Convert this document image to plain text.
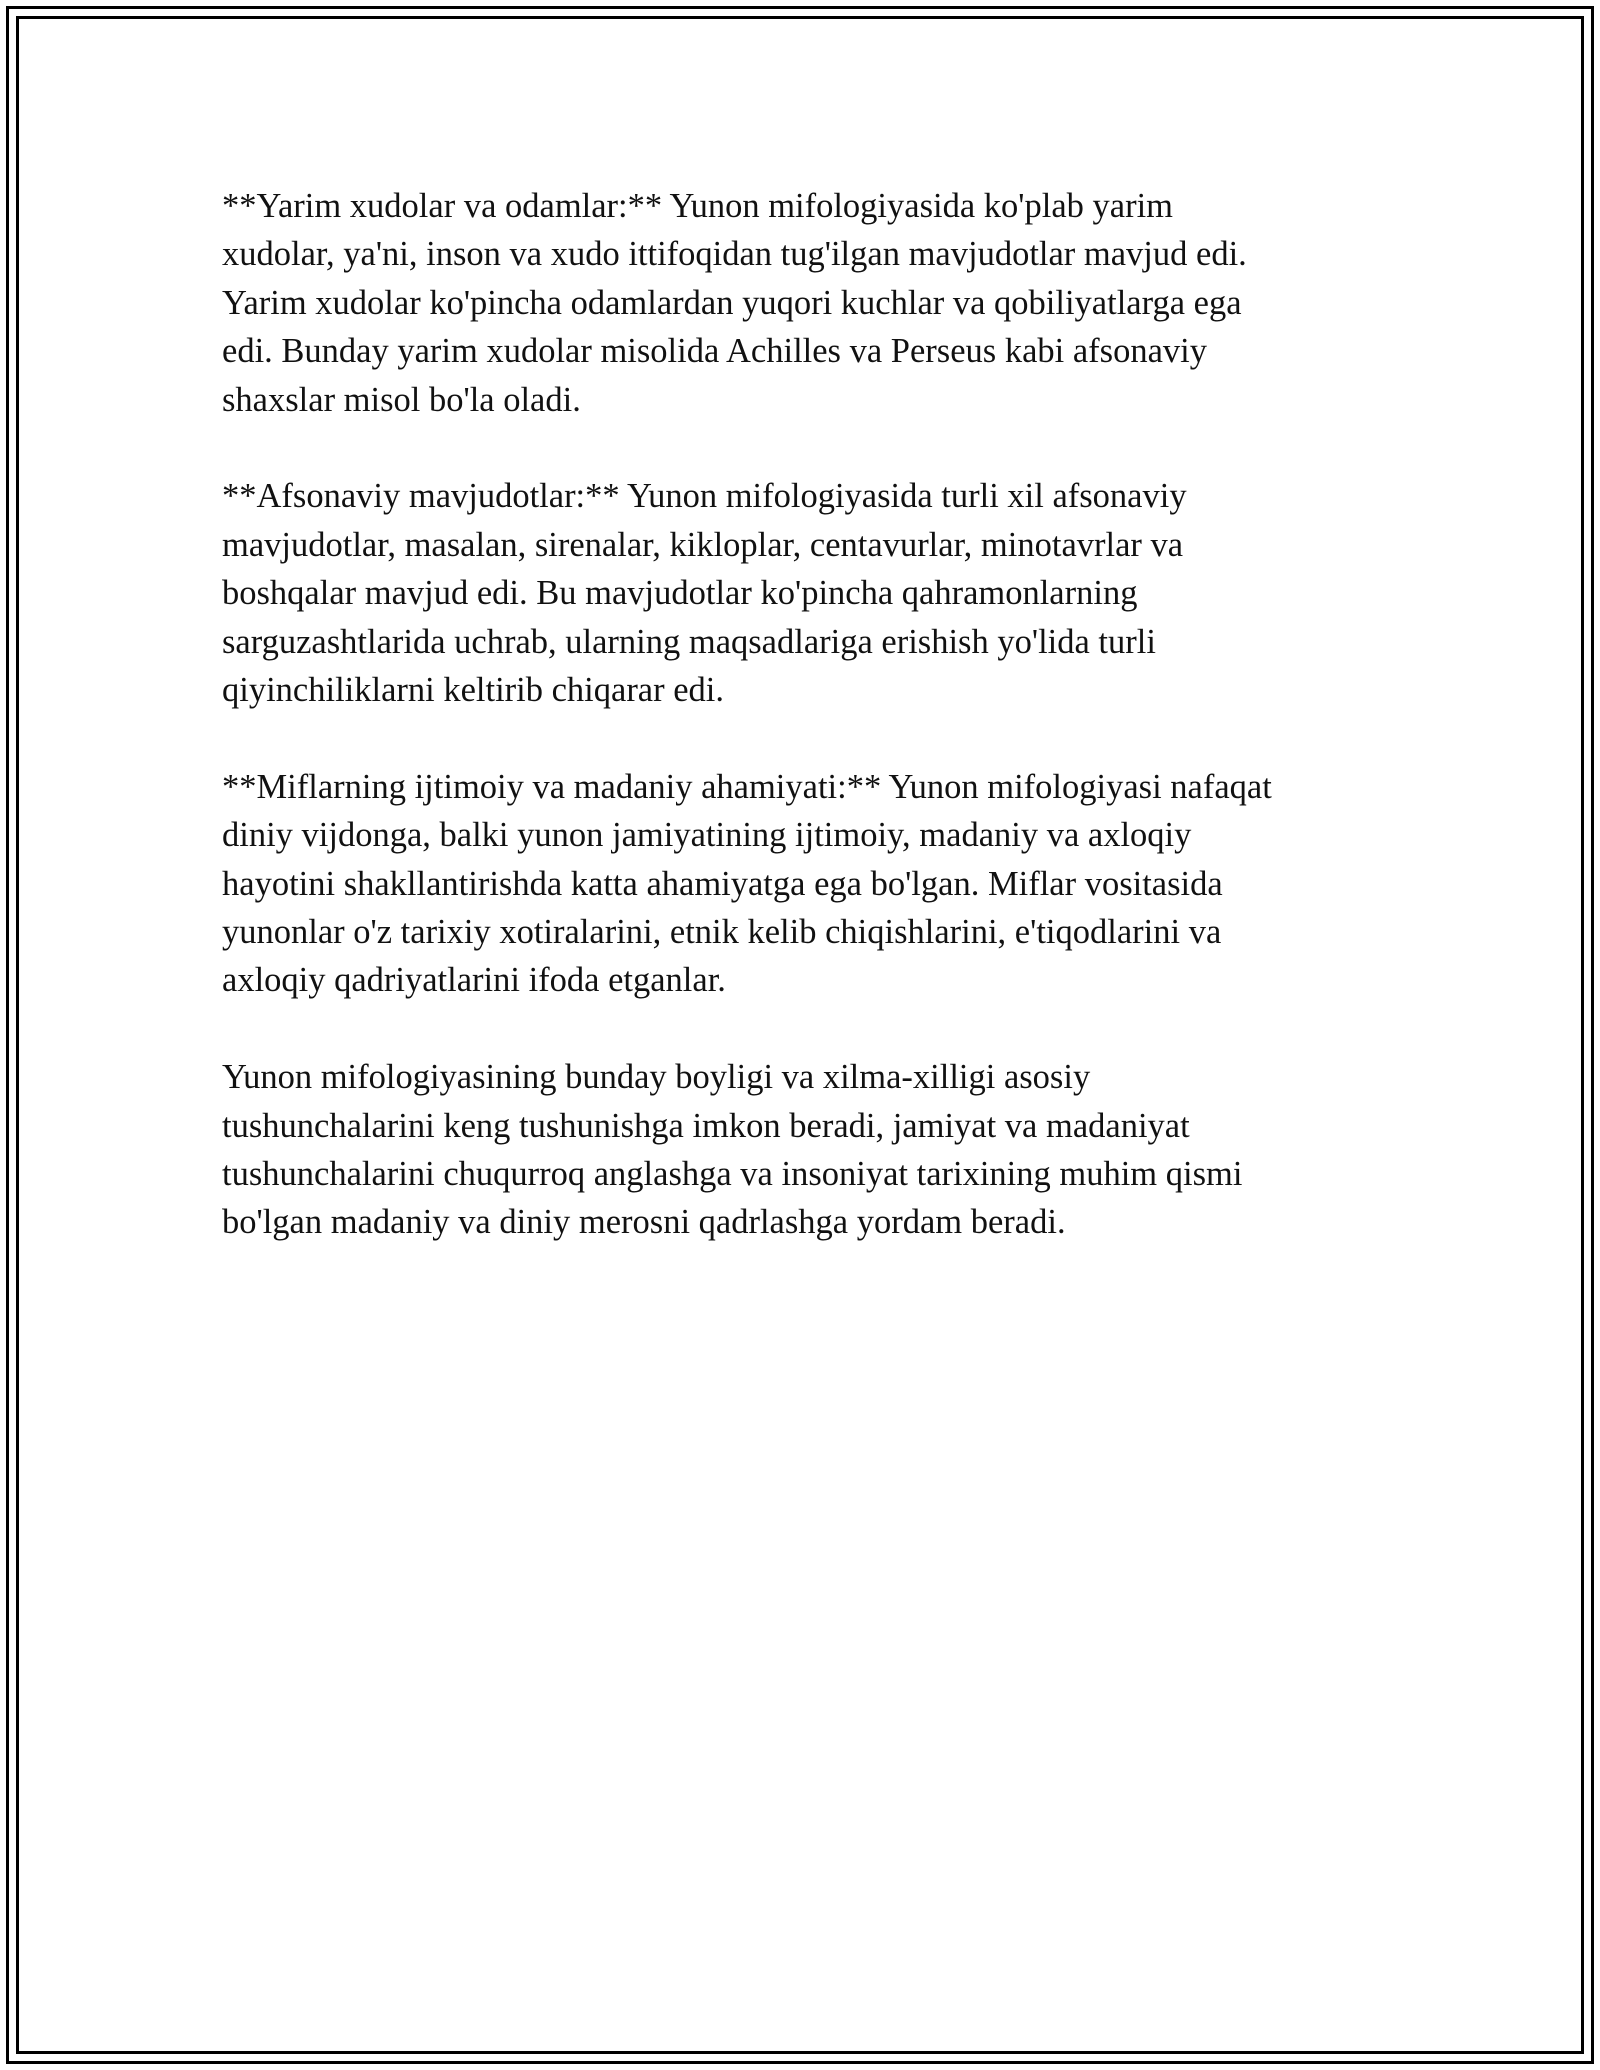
**Yarim xudolar va odamlar:** Yunon mifologiyasida ko'plab yarim
xudolar, ya'ni, inson va xudo ittifoqidan tug'ilgan mavjudotlar mavjud edi.
Yarim xudolar ko'pincha odamlardan yuqori kuchlar va qobiliyatlarga ega
edi. Bunday yarim xudolar misolida Achilles va Perseus kabi afsonaviy
shaxslar misol bo'la oladi.

**Afsonaviy mavjudotlar:** Yunon mifologiyasida turli xil afsonaviy
mavjudotlar, masalan, sirenalar, kikloplar, centavurlar, minotavrlar va
boshqalar mavjud edi. Bu mavjudotlar ko'pincha qahramonlarning
sarguzashtlarida uchrab, ularning maqsadlariga erishish yo'lida turli
qiyinchiliklarni keltirib chiqarar edi.

**Miflarning ijtimoiy va madaniy ahamiyati:** Yunon mifologiyasi nafaqat
diniy vijdonga, balki yunon jamiyatining ijtimoiy, madaniy va axloqiy
hayotini shakllantirishda katta ahamiyatga ega bo'lgan. Miflar vositasida
yunonlar o'z tarixiy xotiralarini, etnik kelib chiqishlarini, e'tiqodlarini va
axloqiy qadriyatlarini ifoda etganlar.

Yunon mifologiyasining bunday boyligi va xilma-xilligi asosiy
tushunchalarini keng tushunishga imkon beradi, jamiyat va madaniyat
tushunchalarini chuqurroq anglashga va insoniyat tarixining muhim qismi
bo'lgan madaniy va diniy merosni qadrlashga yordam beradi.
